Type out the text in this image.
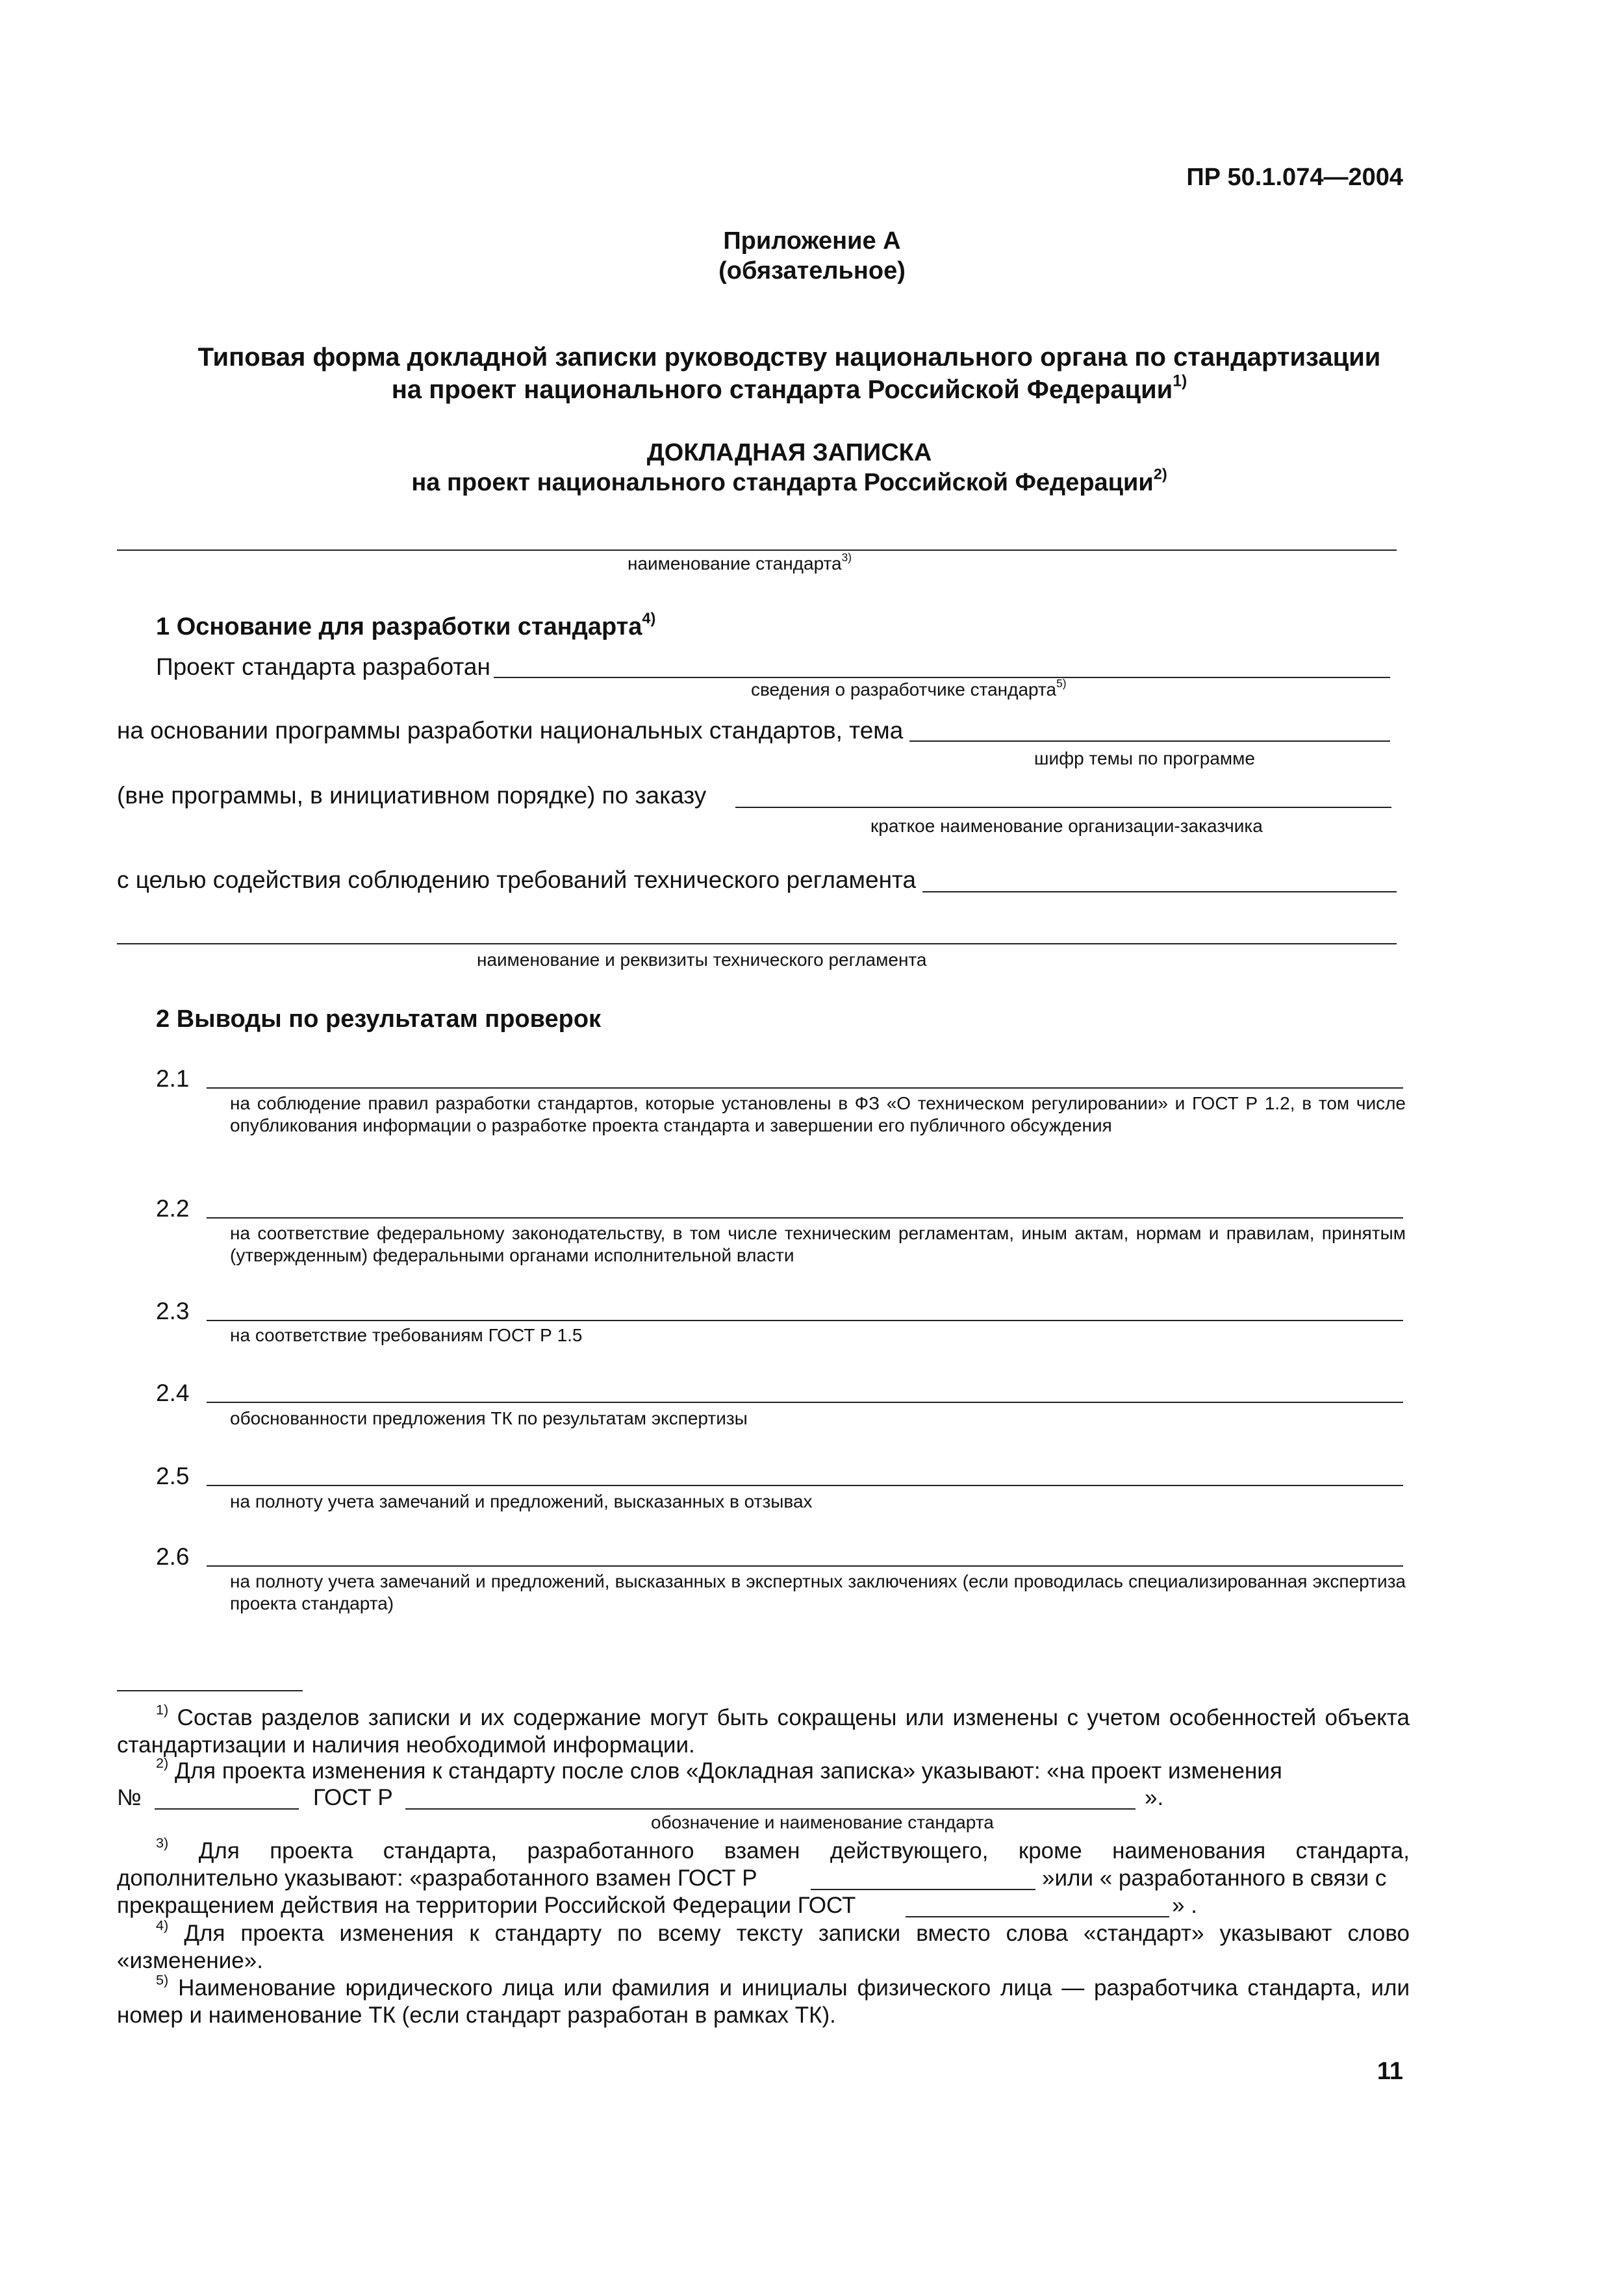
ПР 50.1.074—2004
Приложение А
(обязательное)
Типовая форма докладной записки руководству национального органа по стандартизации
на проект национального стандарта Российской Федерации$^{1)}$
ДОКЛАДНАЯ ЗАПИСКА
на проект национального стандарта Российской Федерации$^{2)}$
наименование стандарта$^{3)}$
1 Основание для разработки стандарта$^{4)}$
Проект стандарта разработан
сведения о разработчике стандарта$^{5)}$
на основании программы разработки национальных стандартов, тема
шифр темы по программе
(вне программы, в инициативном порядке) по заказу
краткое наименование организации-заказчика
с целью содействия соблюдению требований технического регламента
наименование и реквизиты технического регламента
2 Выводы по результатам проверок
2.1
на соблюдение правил разработки стандартов, которые установлены в ФЗ «О техническом регулировании» и ГОСТ Р 1.2, в том числе опубликования информации о разработке проекта стандарта и завершении его публичного обсуждения
2.2
на соответствие федеральному законодательству, в том числе техническим регламентам, иным актам, нормам и правилам, принятым (утвержденным) федеральными органами исполнительной власти
2.3
на соответствие требованиям ГОСТ Р 1.5
2.4
обоснованности предложения ТК по результатам экспертизы
2.5
на полноту учета замечаний и предложений, высказанных в отзывах
2.6
на полноту учета замечаний и предложений, высказанных в экспертных заключениях (если проводилась специализированная экспертиза проекта стандарта)
$^{1)}$ Состав разделов записки и их содержание могут быть сокращены или изменены с учетом особенностей объекта стандартизации и наличия необходимой информации.
$^{2)}$ Для проекта изменения к стандарту после слов «Докладная записка» указывают: «на проект изменения
№	ГОСТ Р	».
обозначение и наименование стандарта
$^{3)}$ Для проекта стандарта, разработанного взамен действующего, кроме наименования стандарта,
дополнительно указывают: «разработанного взамен ГОСТ Р	»или « разработанного в связи с
прекращением действия на территории Российской Федерации ГОСТ	» .
$^{4)}$ Для проекта изменения к стандарту по всему тексту записки вместо слова «стандарт» указывают слово «изменение».
$^{5)}$ Наименование юридического лица или фамилия и инициалы физического лица — разработчика стандарта, или номер и наименование ТК (если стандарт разработан в рамках ТК).
11
